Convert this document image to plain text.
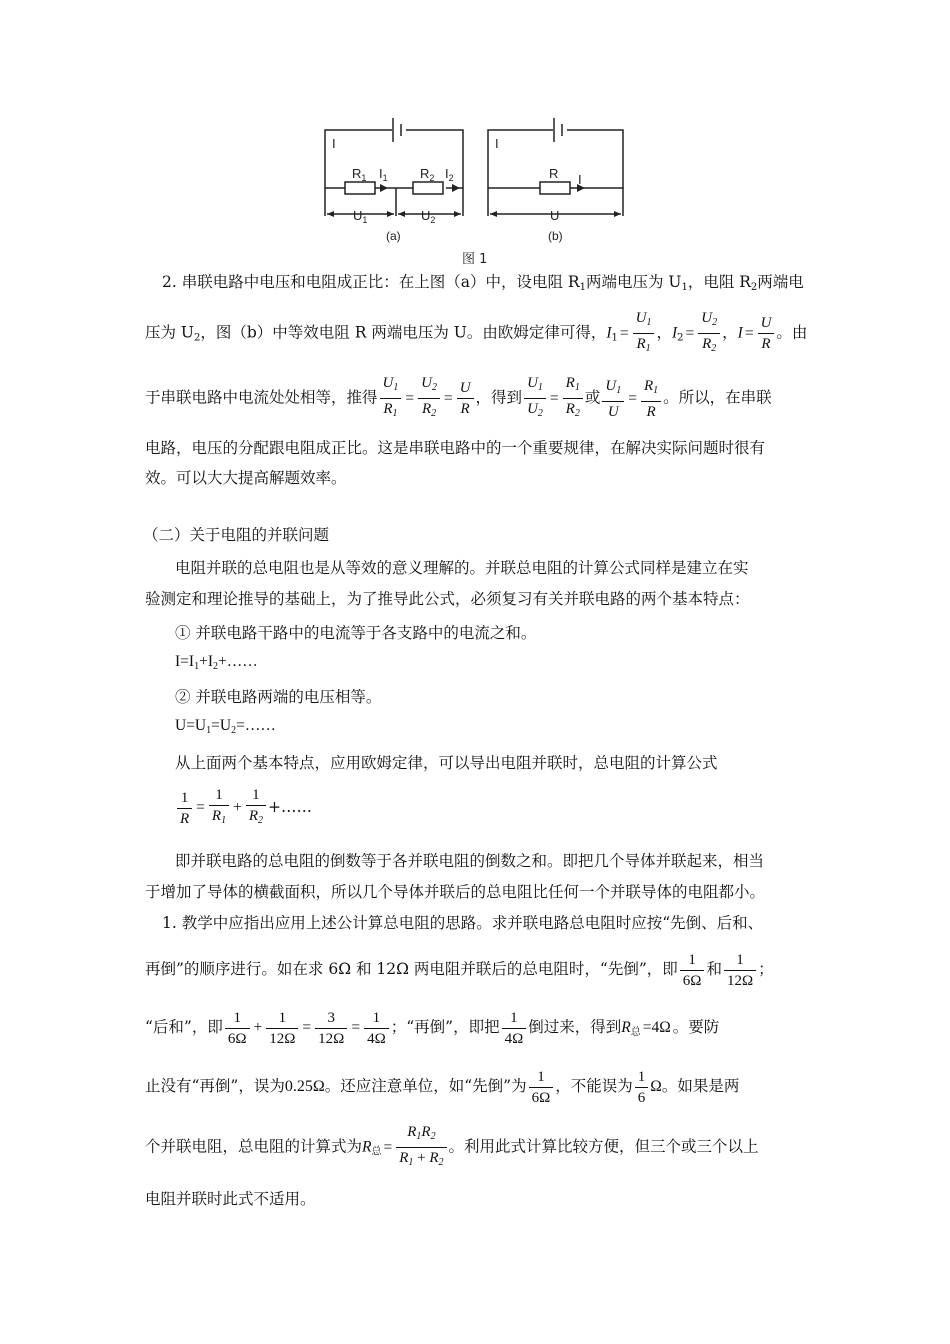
I
$R_1$ $I_1$ $R_2$ $I_2$
$U_1$	$U_2$
(a)
I
R I
U
(b)
图 1
2. 串联电路中电压和电阻成正比：在上图（a）中，设电阻 $R_1$两端电压为 $U_1$，电阻 $R_2$两端电
压为 $U_2$，图（b）中等效电阻 R 两端电压为 U。由欧姆定律可得，$I_1 = \frac{U_1}{R_1}$ ，$I_2 = \frac{U_2}{R_2}$ ，$I = \frac{U}{R}$ 。由
于串联电路中电流处处相等，推得 $\frac{U_1}{R_1} = \frac{U_2}{R_2} = \frac{U}{R}$ ，得到 $\frac{U_1}{U_2} = \frac{R_1}{R_2}$ 或 $\frac{U_1}{U} = \frac{R_1}{R}$ 。所以，在串联
电路，电压的分配跟电阻成正比。这是串联电路中的一个重要规律，在解决实际问题时很有
效。可以大大提高解题效率。
（二）关于电阻的并联问题
电阻并联的总电阻也是从等效的意义理解的。并联总电阻的计算公式同样是建立在实
验测定和理论推导的基础上，为了推导此公式，必须复习有关并联电路的两个基本特点：
① 并联电路干路中的电流等于各支路中的电流之和。
$I=I_1+I_2+\dots\dots$
② 并联电路两端的电压相等。
$U=U_1=U_2=\dots\dots$
从上面两个基本特点，应用欧姆定律，可以导出电阻并联时，总电阻的计算公式
$\frac{1}{R} = \frac{1}{R_1} + \frac{1}{R_2}$ +……
即并联电路的总电阻的倒数等于各并联电阻的倒数之和。即把几个导体并联起来，相当
于增加了导体的横截面积，所以几个导体并联后的总电阻比任何一个并联导体的电阻都小。
1. 教学中应指出应用上述公计算总电阻的思路。求并联电路总电阻时应按“先倒、后和、
再倒”的顺序进行。如在求 6Ω 和 12Ω 两电阻并联后的总电阻时，“先倒”，即 $\frac{1}{6\Omega}$ 和 $\frac{1}{12\Omega}$ ；
“后和”，即 $\frac{1}{6\Omega} + \frac{1}{12\Omega} = \frac{3}{12\Omega} = \frac{1}{4\Omega}$ ；“再倒”，即把 $\frac{1}{4\Omega}$ 倒过来，得到$R_总 =4\Omega$ 。要防
止没有“再倒”，误为0.25Ω。还应注意单位，如“先倒”为 $\frac{1}{6\Omega}$ ，不能误为 $\frac{1}{6}$ Ω。如果是两
个并联电阻，总电阻的计算式为$R_总 = \frac{R_1R_2}{R_1 + R_2}$ 。利用此式计算比较方便，但三个或三个以上
电阻并联时此式不适用。
